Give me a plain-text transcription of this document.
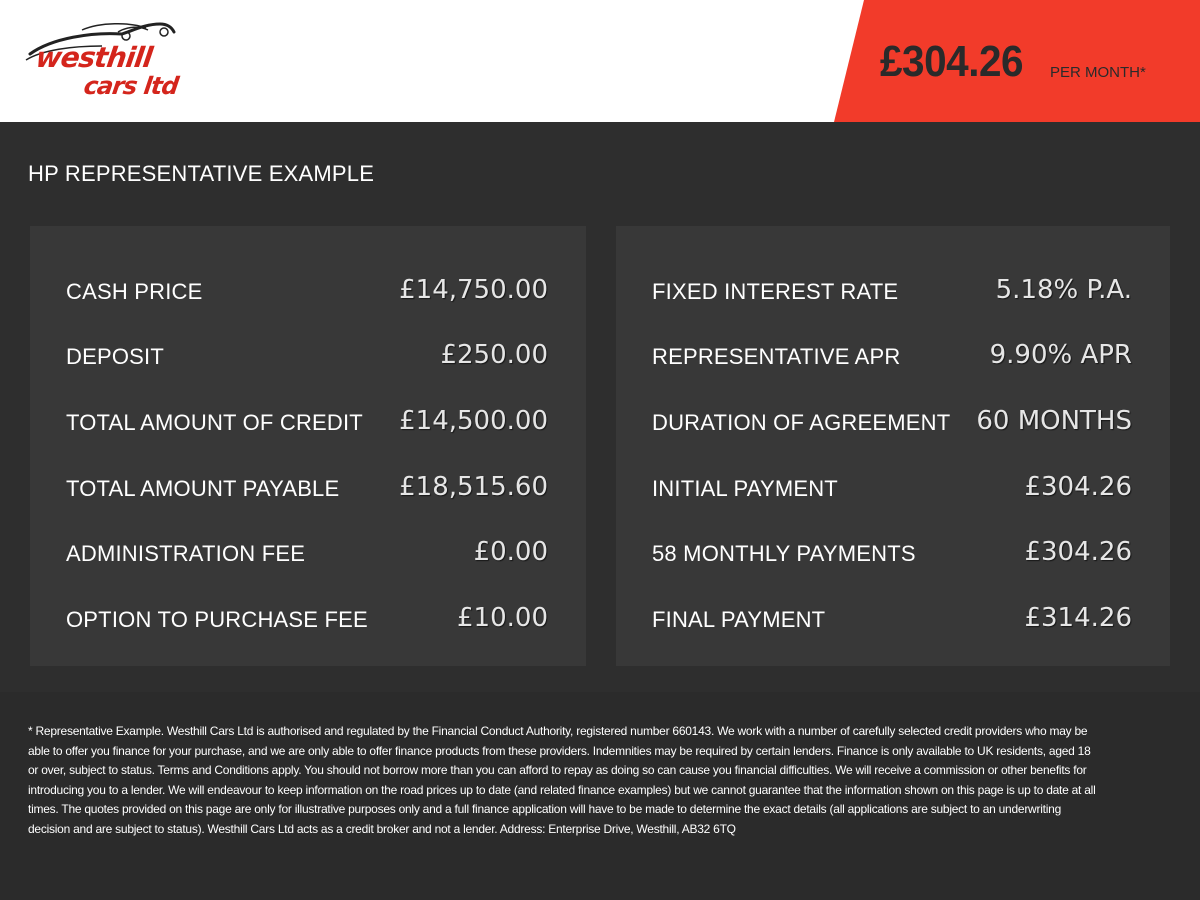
westhill
cars ltd	£304.26 PER MONTH*
HP REPRESENTATIVE EXAMPLE
CASH PRICE	£14,750.00
DEPOSIT	£250.00
TOTAL AMOUNT OF CREDIT £14,500.00
TOTAL AMOUNT PAYABLE £18,515.60
ADMINISTRATION FEE	£0.00
OPTION TO PURCHASE FEE	£10.00
FIXED INTEREST RATE	5.18% P.A.
REPRESENTATIVE APR	9.90% APR
DURATION OF AGREEMENT 60 MONTHS
INITIAL PAYMENT	£304.26
58 MONTHLY PAYMENTS	£304.26
FINAL PAYMENT	£314.26
* Representative Example. Westhill Cars Ltd is authorised and regulated by the Financial Conduct Authority, registered number 660143. We work with a number of carefully selected credit providers who may be able to offer you finance for your purchase, and we are only able to offer finance products from these providers. Indemnities may be required by certain lenders. Finance is only available to UK residents, aged 18 or over, subject to status. Terms and Conditions apply. You should not borrow more than you can afford to repay as doing so can cause you financial difficulties. We will receive a commission or other benefits for introducing you to a lender. We will endeavour to keep information on the road prices up to date (and related finance examples) but we cannot guarantee that the information shown on this page is up to date at all times. The quotes provided on this page are only for illustrative purposes only and a full finance application will have to be made to determine the exact details (all applications are subject to an underwriting decision and are subject to status). Westhill Cars Ltd acts as a credit broker and not a lender. Address: Enterprise Drive, Westhill, AB32 6TQ
